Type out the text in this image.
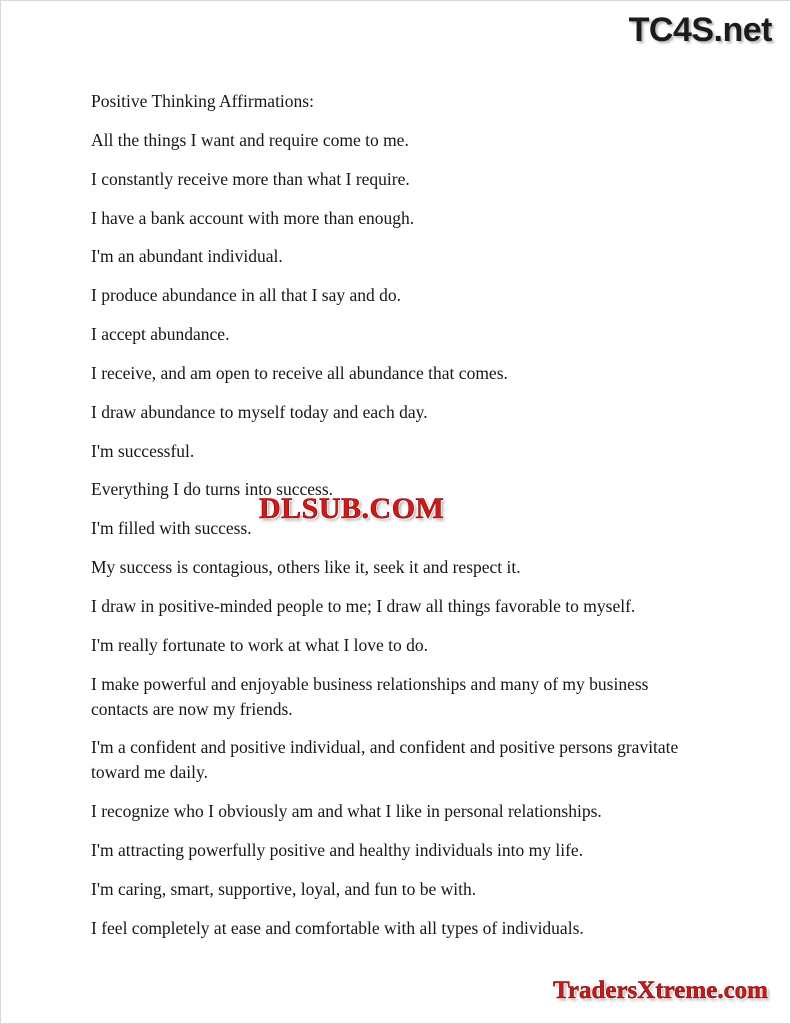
TC4S.net

Positive Thinking Affirmations:

All the things I want and require come to me.

I constantly receive more than what I require.

I have a bank account with more than enough.

I'm an abundant individual.

I produce abundance in all that I say and do.

I accept abundance.

I receive, and am open to receive all abundance that comes.

I draw abundance to myself today and each day.

I'm successful.

Everything I do turns into success.

I'm filled with success.

My success is contagious, others like it, seek it and respect it.

I draw in positive-minded people to me; I draw all things favorable to myself.

I'm really fortunate to work at what I love to do.

I make powerful and enjoyable business relationships and many of my business contacts are now my friends.

I'm a confident and positive individual, and confident and positive persons gravitate toward me daily.

I recognize who I obviously am and what I like in personal relationships.

I'm attracting powerfully positive and healthy individuals into my life.

I'm caring, smart, supportive, loyal, and fun to be with.

I feel completely at ease and comfortable with all types of individuals.

DLSUB.COM
TradersXtreme.com
